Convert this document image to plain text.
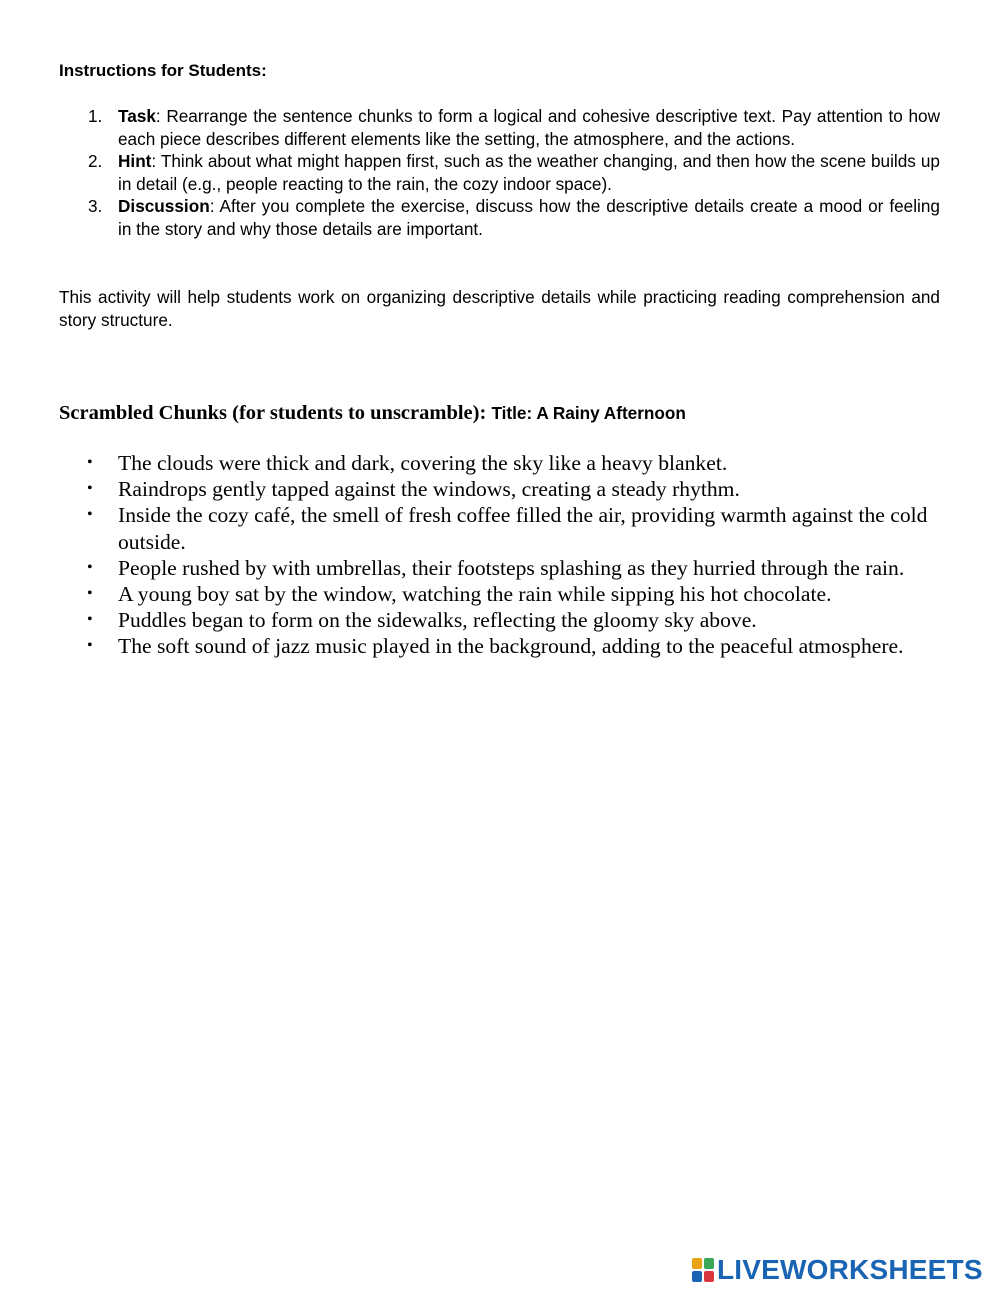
Instructions for Students:
1. Task: Rearrange the sentence chunks to form a logical and cohesive descriptive text. Pay attention to how each piece describes different elements like the setting, the atmosphere, and the actions.
2. Hint: Think about what might happen first, such as the weather changing, and then how the scene builds up in detail (e.g., people reacting to the rain, the cozy indoor space).
3. Discussion: After you complete the exercise, discuss how the descriptive details create a mood or feeling in the story and why those details are important.

This activity will help students work on organizing descriptive details while practicing reading comprehension and story structure.

Scrambled Chunks (for students to unscramble): Title: A Rainy Afternoon
• The clouds were thick and dark, covering the sky like a heavy blanket.
• Raindrops gently tapped against the windows, creating a steady rhythm.
• Inside the cozy café, the smell of fresh coffee filled the air, providing warmth against the cold outside.
• People rushed by with umbrellas, their footsteps splashing as they hurried through the rain.
• A young boy sat by the window, watching the rain while sipping his hot chocolate.
• Puddles began to form on the sidewalks, reflecting the gloomy sky above.
• The soft sound of jazz music played in the background, adding to the peaceful atmosphere.
LIVEWORKSHEETS
